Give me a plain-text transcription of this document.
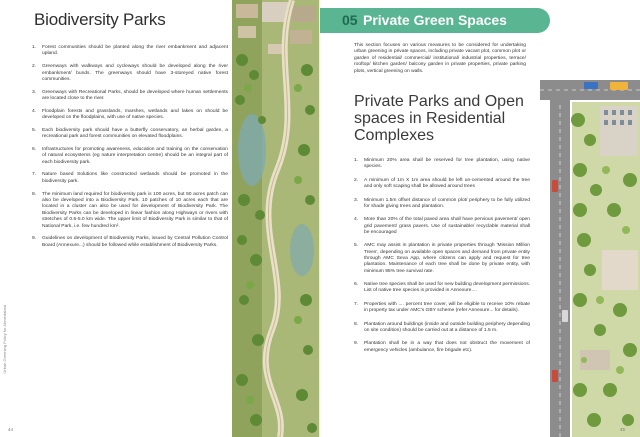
Biodiversity Parks
1.	Forest communities should be planted along the river embankment and adjacent upland.
2.	Greenways with walkways and cycleways should be developed along the river embankment/ bunds. The greenways should have 3-storeyed native forest communities.
3.	Greenways with Recreational Parks, should be developed where human settlements are located close to the river.
4.	Floodplain forests and grasslands, marshes, wetlands and lakes on should be developed on the floodplains, with use of native species.
5.	Each biodiversity park should have a butterfly conservatory, an herbal garden, a recreational park and forest communities on elevated floodplains.
6.	Infrastructures for promoting awareness, education and training on the conservation of natural ecosystems (eg nature interpretation centre) should be an integral part of each biodiversity park.
7.	Nature based Solutions like constructed wetlands should be promoted in the biodiversity park.
8.	The minimum land required for biodiversity park is 100 acres, but 50 acres patch can also be developed into a Biodiversity Park. 10 patches of 10 acres each that are located in a cluster can also be used for development of Biodiversity Park. The Biodiversity Parks can be developed in linear fashion along Highways or rivers with stretches of 0.5-5.0 km wide. The upper limit of Biodiversity Park is similar to that of National Park, i.e. few hundred km².
9.	Guidelines on development of Biodiversity Parks, issued by Central Pollution Control Board (Annexure...) should be followed while establishment of Biodiversity Parks.
Urban Greening Policy for Ahmedabad
44
05 Private Green Spaces

This section focuses on various measures to be considered for undertaking urban greening in private spaces, including private vacant plot, common plot or garden of residential/ commercial/ institutional/ industrial properties, terrace/ rooftop/ kitchen garden/ balcony garden in private properties, private parking plots, vertical greening on walls.

Private Parks and Open spaces in Residential Complexes
1.	Minimum 20% area shall be reserved for tree plantation, using native species.
2.	A minimum of 1m X 1m area should be left un-cemented around the tree and only soft scaping shall be allowed around trees
3.	Minimum 1.5m offset distance of common plot/ periphery to be fully utilized for shade giving trees and plantation.
4.	More than 20% of the total paved area shall have pervious pavement/ open grid pavement/ grass pavers. Use of sustainable/ recyclable material shall be encouraged
5.	AMC may assist in plantation in private properties through 'Mission Million Trees', depending on available open spaces and demand from private entity through AMC Seva App, where citizens can apply and request for tree plantation. Maintenance of each tree shall be done by private entity, with minimum 95% tree survival rate.
6.	Native tree species shall be used for new building development permissions. List of native tree species is provided in Annexure....
7.	Properties with .... percent tree cover, will be eligible to receive 10% rebate in property tax under AMC's GBY scheme (refer Annexure... for details).
8.	Plantation around buildings (inside and outside building periphery depending on site condition) should be carried out at a distance of 1.5 m.
9.	Plantation shall be in a way that does not obstruct the movement of emergency vehicles (ambulance, fire brigade etc).
45
